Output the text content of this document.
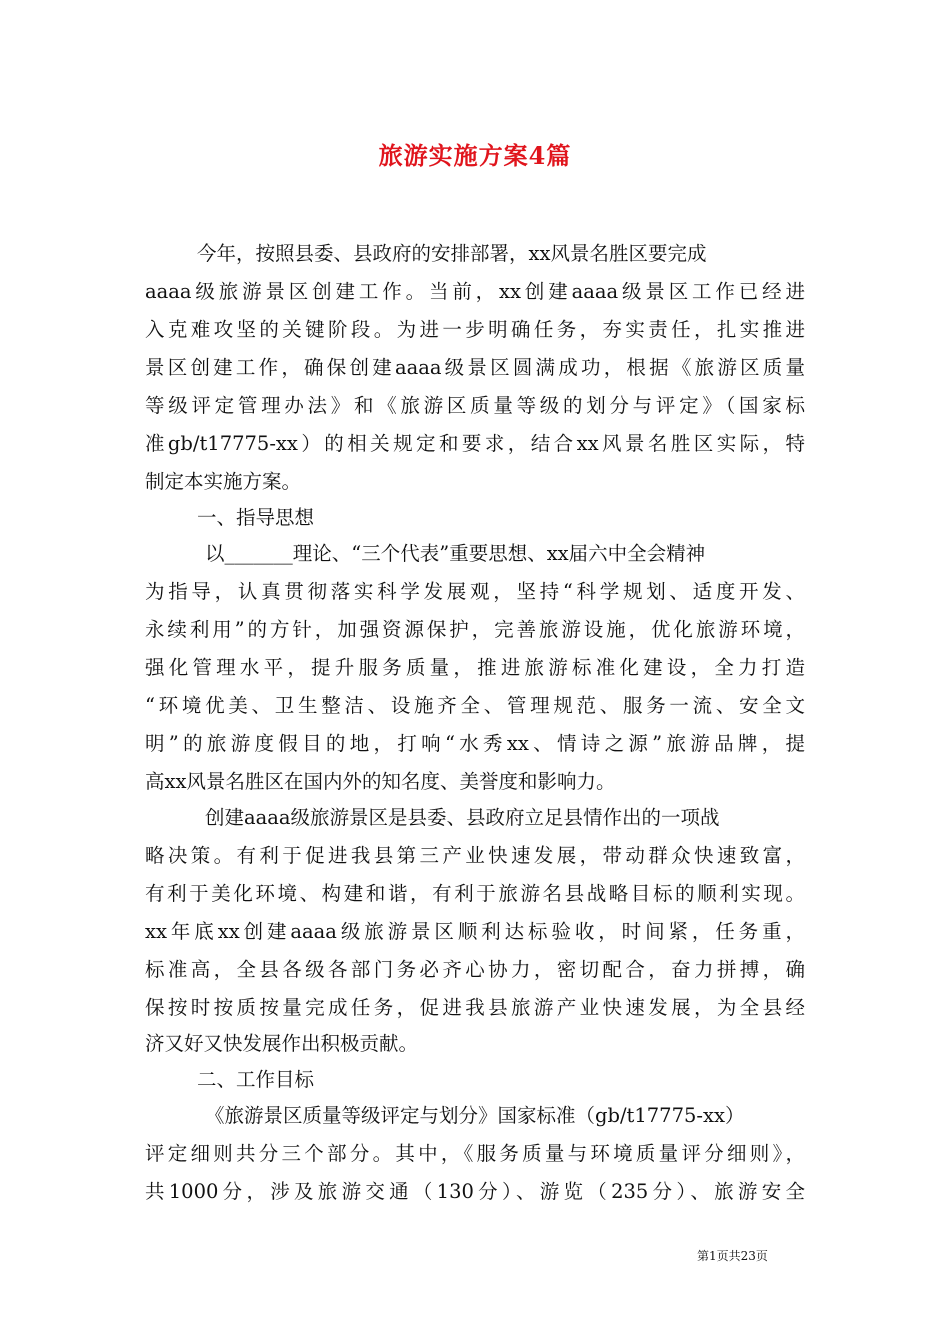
旅游实施方案4篇
今年，按照县委、县政府的安排部署，xx风景名胜区要完成
aaaa级旅游景区创建工作。当前，xx创建aaaa级景区工作已经进
入克难攻坚的关键阶段。为进一步明确任务，夯实责任，扎实推进
景区创建工作，确保创建aaaa级景区圆满成功，根据《旅游区质量
等级评定管理办法》和《旅游区质量等级的划分与评定》（国家标
准gb/t17775-xx）的相关规定和要求，结合xx风景名胜区实际，特
制定本实施方案。
一、指导思想
以_______理论、“三个代表”重要思想、xx届六中全会精神
为指导，认真贯彻落实科学发展观，坚持“科学规划、适度开发、
永续利用”的方针，加强资源保护，完善旅游设施，优化旅游环境，
强化管理水平，提升服务质量，推进旅游标准化建设，全力打造
“环境优美、卫生整洁、设施齐全、管理规范、服务一流、安全文
明”的旅游度假目的地，打响“水秀xx、情诗之源”旅游品牌，提
高xx风景名胜区在国内外的知名度、美誉度和影响力。
创建aaaa级旅游景区是县委、县政府立足县情作出的一项战
略决策。有利于促进我县第三产业快速发展，带动群众快速致富，
有利于美化环境、构建和谐，有利于旅游名县战略目标的顺利实现。
xx年底xx创建aaaa级旅游景区顺利达标验收，时间紧，任务重，
标准高，全县各级各部门务必齐心协力，密切配合，奋力拼搏，确
保按时按质按量完成任务，促进我县旅游产业快速发展，为全县经
济又好又快发展作出积极贡献。
二、工作目标
《旅游景区质量等级评定与划分》国家标准（gb/t17775-xx）
评定细则共分三个部分。其中，《服务质量与环境质量评分细则》，
共1000分，涉及旅游交通（130分）、游览（235分）、旅游安全
第1页共23页
